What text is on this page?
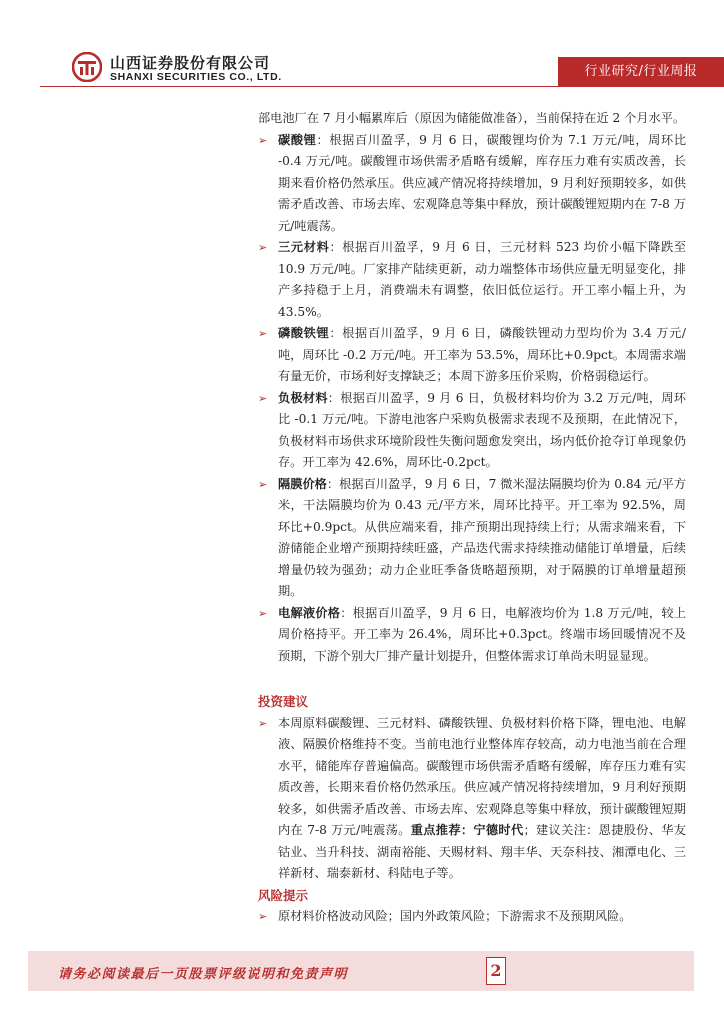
山西证券股份有限公司
SHANXI SECURITIES CO., LTD.	行业研究/行业周报

部电池厂在 7 月小幅累库后（原因为储能做准备），当前保持在近 2 个月水平。

➢ 碳酸锂：根据百川盈孚，9 月 6 日，碳酸锂均价为 7.1 万元/吨，周环比 -0.4 万元/吨。碳酸锂市场供需矛盾略有缓解，库存压力难有实质改善，长期来看价格仍然承压。供应减产情况将持续增加，9 月利好预期较多，如供需矛盾改善、市场去库、宏观降息等集中释放，预计碳酸锂短期内在 7-8 万元/吨震荡。
➢ 三元材料：根据百川盈孚，9 月 6 日，三元材料 523 均价小幅下降跌至 10.9 万元/吨。厂家排产陆续更新，动力端整体市场供应量无明显变化，排产多持稳于上月，消费端未有调整，依旧低位运行。开工率小幅上升，为 43.5%。
➢ 磷酸铁锂：根据百川盈孚，9 月 6 日，磷酸铁锂动力型均价为 3.4 万元/吨，周环比 -0.2 万元/吨。开工率为 53.5%，周环比+0.9pct。本周需求端有量无价，市场利好支撑缺乏；本周下游多压价采购，价格弱稳运行。
➢ 负极材料：根据百川盈孚，9 月 6 日，负极材料均价为 3.2 万元/吨，周环比 -0.1 万元/吨。下游电池客户采购负极需求表现不及预期，在此情况下，负极材料市场供求环境阶段性失衡问题愈发突出，场内低价抢夺订单现象仍存。开工率为 42.6%，周环比-0.2pct。
➢ 隔膜价格：根据百川盈孚，9 月 6 日，7 微米湿法隔膜均价为 0.84 元/平方米，干法隔膜均价为 0.43 元/平方米，周环比持平。开工率为 92.5%，周环比+0.9pct。从供应端来看，排产预期出现持续上行；从需求端来看，下游储能企业增产预期持续旺盛，产品迭代需求持续推动储能订单增量，后续增量仍较为强劲；动力企业旺季备货略超预期，对于隔膜的订单增量超预期。
➢ 电解液价格：根据百川盈孚，9 月 6 日，电解液均价为 1.8 万元/吨，较上周价格持平。开工率为 26.4%，周环比+0.3pct。终端市场回暖情况不及预期，下游个别大厂排产量计划提升，但整体需求订单尚未明显显现。
投资建议
➢ 本周原料碳酸锂、三元材料、磷酸铁锂、负极材料价格下降，锂电池、电解液、隔膜价格维持不变。当前电池行业整体库存较高，动力电池当前在合理水平，储能库存普遍偏高。碳酸锂市场供需矛盾略有缓解，库存压力难有实质改善，长期来看价格仍然承压。供应减产情况将持续增加，9 月利好预期较多，如供需矛盾改善、市场去库、宏观降息等集中释放，预计碳酸锂短期内在 7-8 万元/吨震荡。重点推荐：宁德时代；建议关注：恩捷股份、华友钴业、当升科技、湖南裕能、天赐材料、翔丰华、天奈科技、湘潭电化、三祥新材、瑞泰新材、科陆电子等。
风险提示
➢ 原材料价格波动风险；国内外政策风险；下游需求不及预期风险。
请务必阅读最后一页股票评级说明和免责声明	2
